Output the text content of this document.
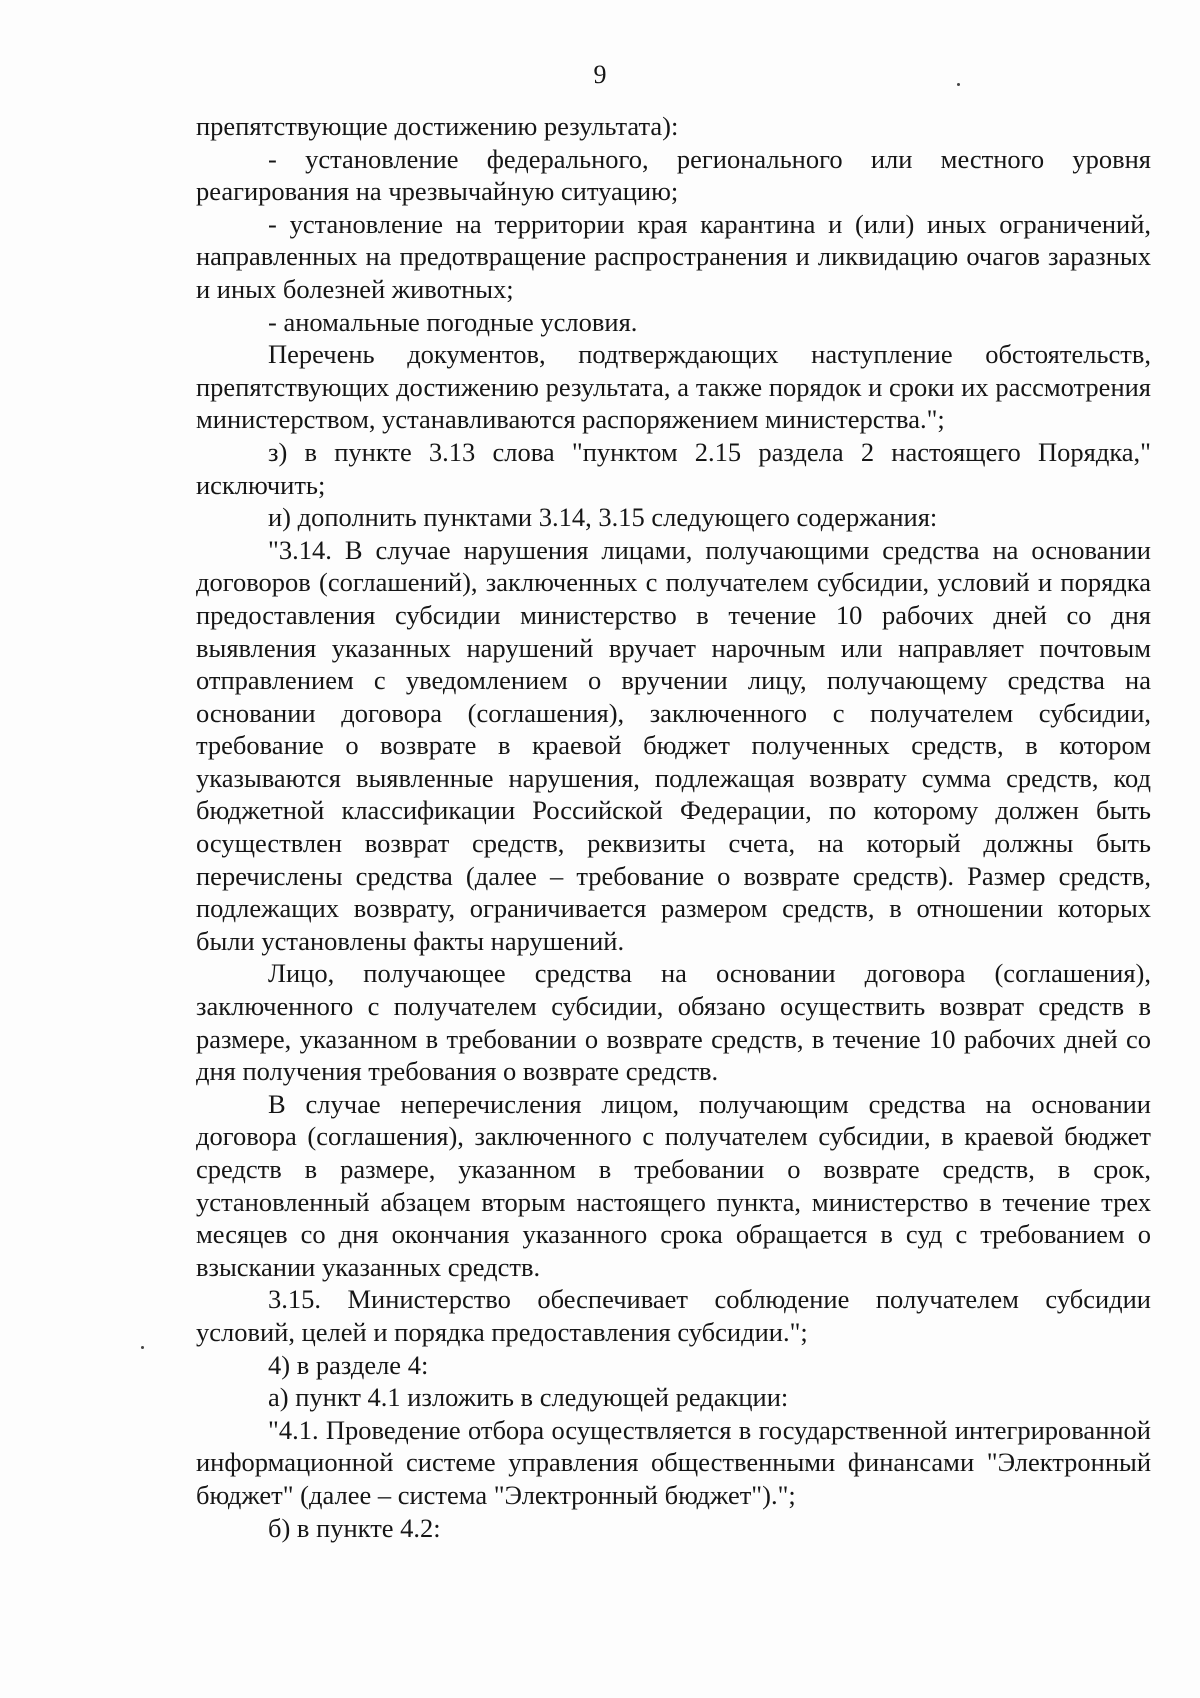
9

препятствующие достижению результата):

- установление федерального, регионального или местного уровня реагирования на чрезвычайную ситуацию;

- установление на территории края карантина и (или) иных ограничений, направленных на предотвращение распространения и ликвидацию очагов заразных и иных болезней животных;

- аномальные погодные условия.

Перечень документов, подтверждающих наступление обстоятельств, препятствующих достижению результата, а также порядок и сроки их рассмотрения министерством, устанавливаются распоряжением министерства.";

з) в пункте 3.13 слова "пунктом 2.15 раздела 2 настоящего Порядка," исключить;

и) дополнить пунктами 3.14, 3.15 следующего содержания:

"3.14. В случае нарушения лицами, получающими средства на основании договоров (соглашений), заключенных с получателем субсидии, условий и порядка предоставления субсидии министерство в течение 10 рабочих дней со дня выявления указанных нарушений вручает нарочным или направляет почтовым отправлением с уведомлением о вручении лицу, получающему средства на основании договора (соглашения), заключенного с получателем субсидии, требование о возврате в краевой бюджет полученных средств, в котором указываются выявленные нарушения, подлежащая возврату сумма средств, код бюджетной классификации Российской Федерации, по которому должен быть осуществлен возврат средств, реквизиты счета, на который должны быть перечислены средства (далее – требование о возврате средств). Размер средств, подлежащих возврату, ограничивается размером средств, в отношении которых были установлены факты нарушений.

Лицо, получающее средства на основании договора (соглашения), заключенного с получателем субсидии, обязано осуществить возврат средств в размере, указанном в требовании о возврате средств, в течение 10 рабочих дней со дня получения требования о возврате средств.

В случае неперечисления лицом, получающим средства на основании договора (соглашения), заключенного с получателем субсидии, в краевой бюджет средств в размере, указанном в требовании о возврате средств, в срок, установленный абзацем вторым настоящего пункта, министерство в течение трех месяцев со дня окончания указанного срока обращается в суд с требованием о взыскании указанных средств.

3.15. Министерство обеспечивает соблюдение получателем субсидии условий, целей и порядка предоставления субсидии.";

4) в разделе 4:

а) пункт 4.1 изложить в следующей редакции:

"4.1. Проведение отбора осуществляется в государственной интегрированной информационной системе управления общественными финансами "Электронный бюджет" (далее – система "Электронный бюджет").";

б) в пункте 4.2:
